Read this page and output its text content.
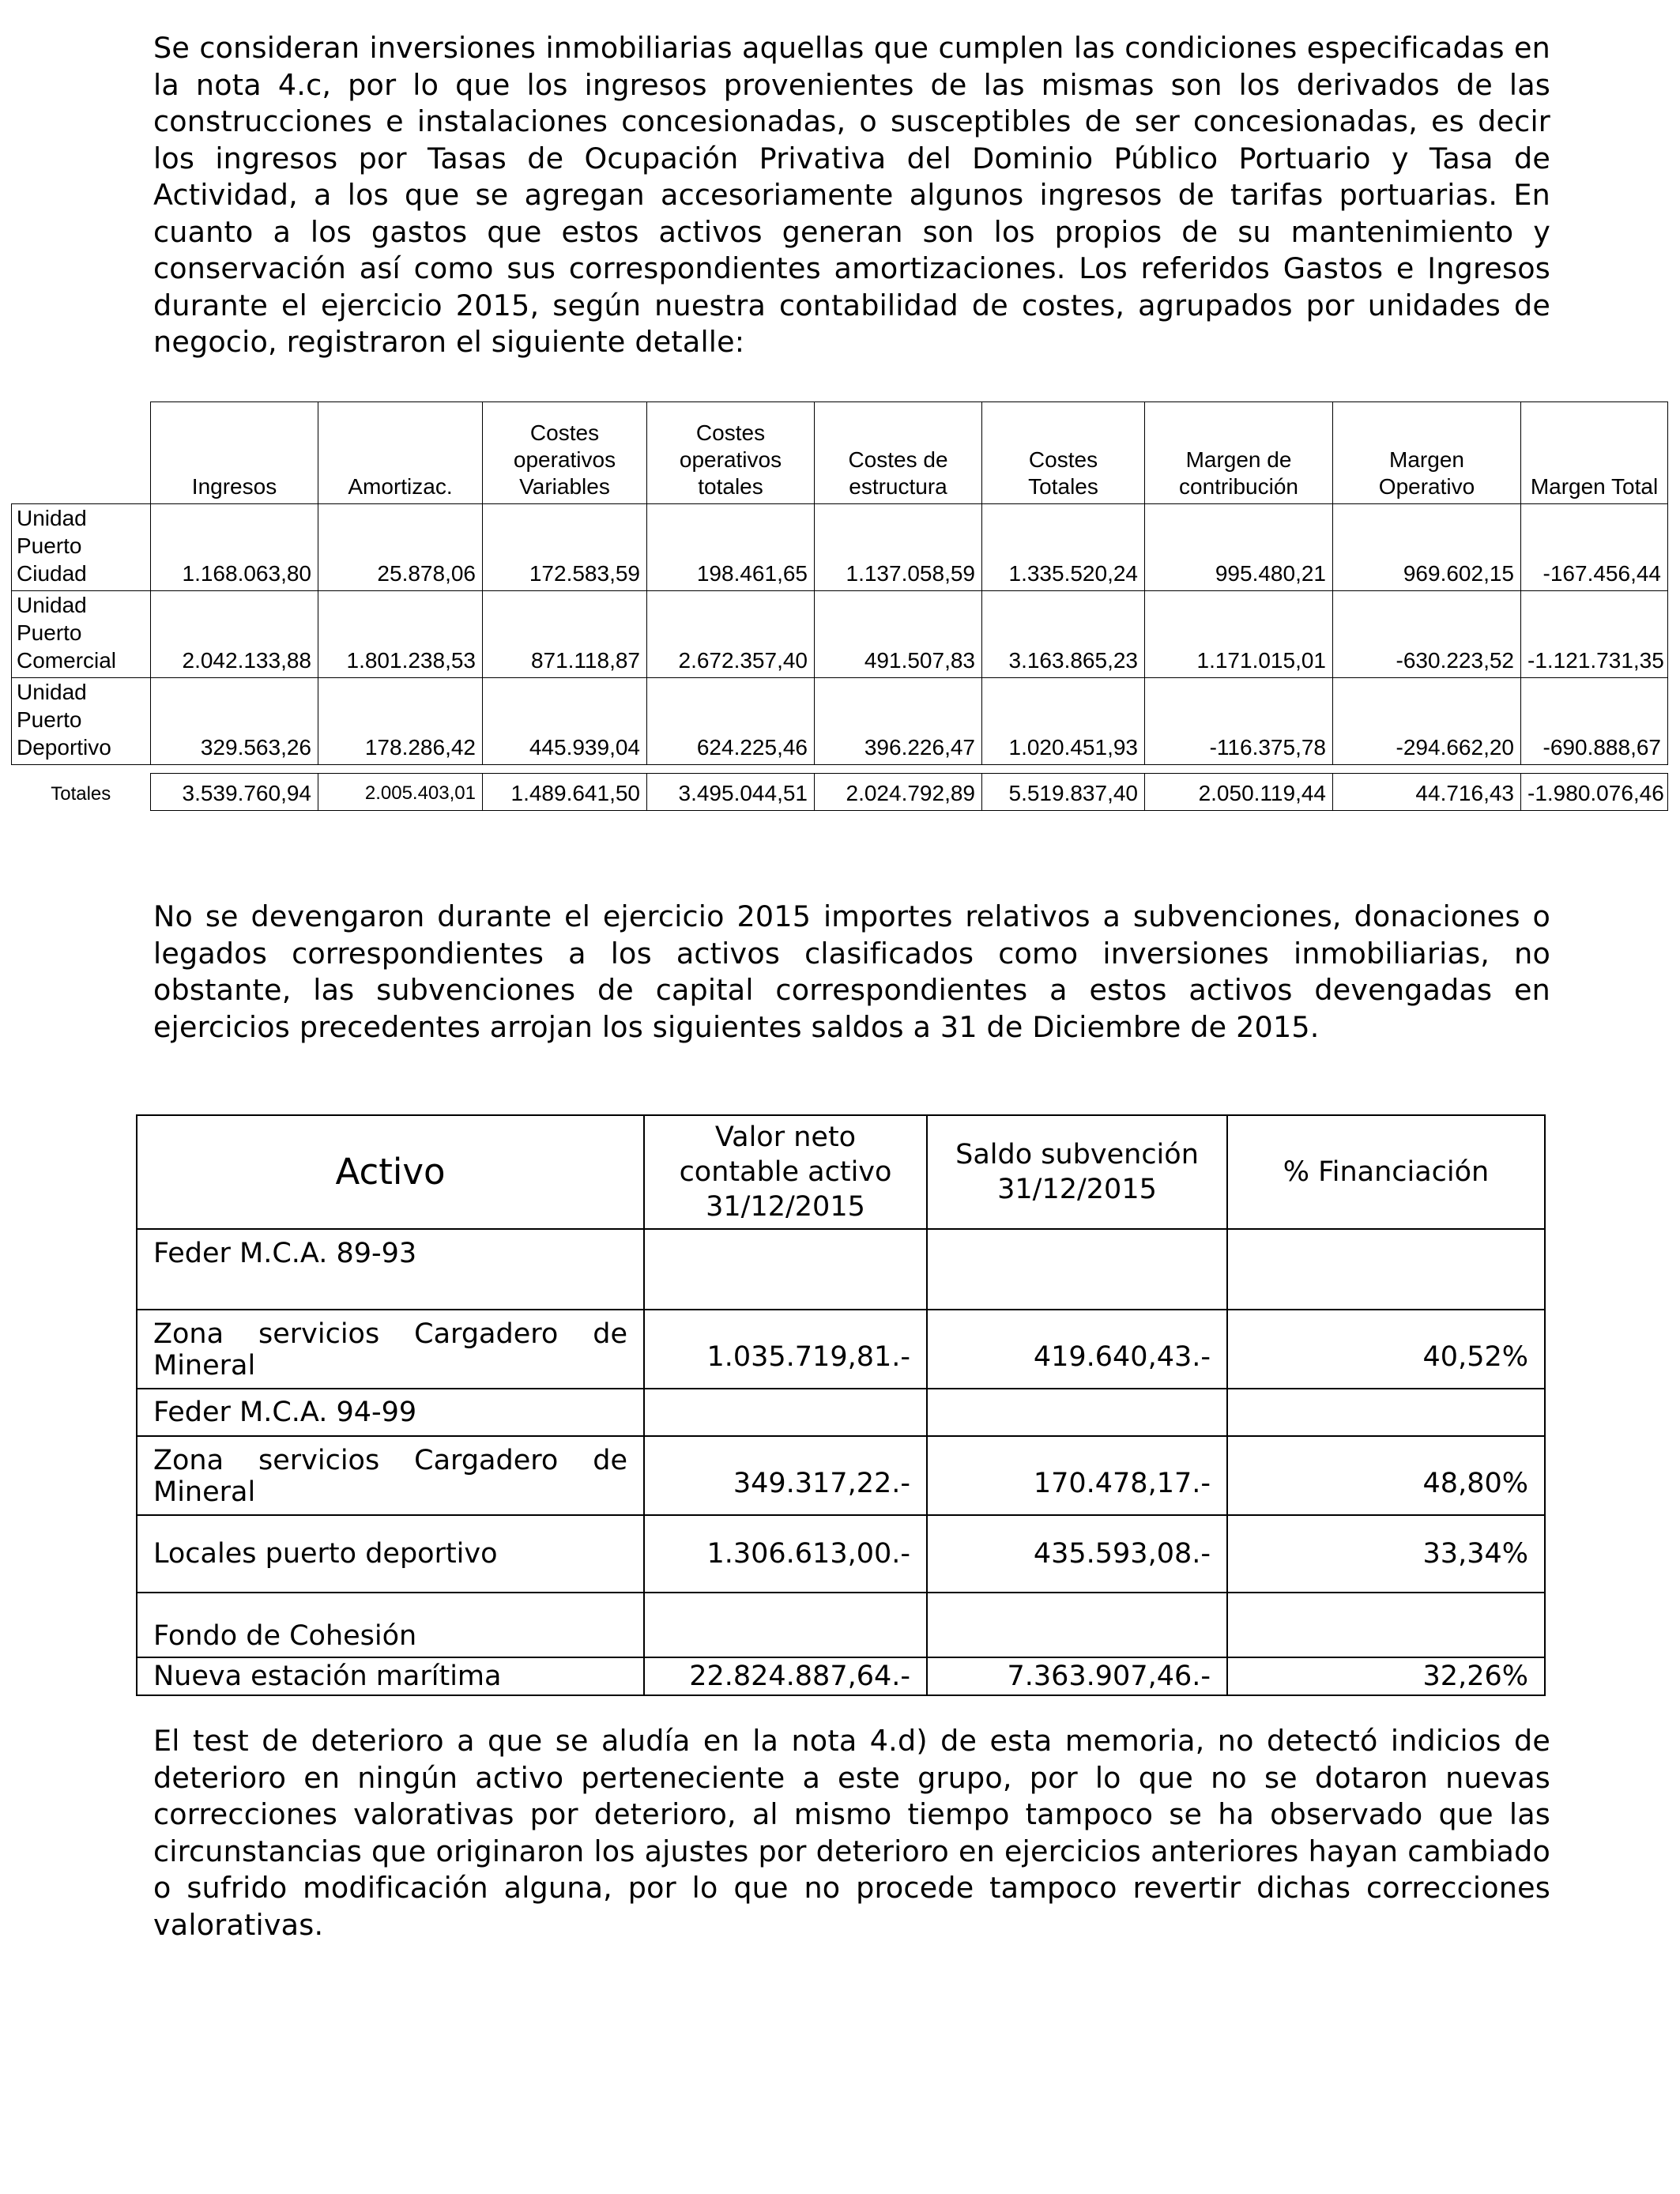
Se consideran inversiones inmobiliarias aquellas que cumplen las condiciones especificadas en la nota 4.c, por lo que los ingresos provenientes de las mismas son los derivados de las construcciones e instalaciones concesionadas, o susceptibles de ser concesionadas, es decir los ingresos por Tasas de Ocupación Privativa del Dominio Público Portuario y Tasa de Actividad, a los que se agregan accesoriamente algunos ingresos de tarifas portuarias. En cuanto a los gastos que estos activos generan son los propios de su mantenimiento y conservación así como sus correspondientes amortizaciones. Los referidos Gastos e Ingresos durante el ejercicio 2015, según nuestra contabilidad de costes, agrupados por unidades de negocio, registraron el siguiente detalle:

	Ingresos	Amortizac.	Costes
operativos
Variables	Costes
operativos
totales	Costes de
estructura	Costes
Totales	Margen de
contribución	Margen
Operativo	Margen Total
Unidad
Puerto
Ciudad	1.168.063,80	25.878,06	172.583,59	198.461,65	1.137.058,59	1.335.520,24	995.480,21	969.602,15	-167.456,44
Unidad
Puerto
Comercial	2.042.133,88	1.801.238,53	871.118,87	2.672.357,40	491.507,83	3.163.865,23	1.171.015,01	-630.223,52	-1.121.731,35
Unidad
Puerto
Deportivo	329.563,26	178.286,42	445.939,04	624.225,46	396.226,47	1.020.451,93	-116.375,78	-294.662,20	-690.888,67

Totales	3.539.760,94	2.005.403,01	1.489.641,50	3.495.044,51	2.024.792,89	5.519.837,40	2.050.119,44	44.716,43	-1.980.076,46

No se devengaron durante el ejercicio 2015 importes relativos a subvenciones, donaciones o legados correspondientes a los activos clasificados como inversiones inmobiliarias, no obstante, las subvenciones de capital correspondientes a estos activos devengadas en ejercicios precedentes arrojan los siguientes saldos a 31 de Diciembre de 2015.

Activo	Valor neto
contable activo
31/12/2015	Saldo subvención
31/12/2015	% Financiación
Feder M.C.A. 89-93			

Zona servicios Cargadero de Mineral	1.035.719,81.-	419.640,43.-	40,52%
Feder M.C.A. 94-99			

Zona servicios Cargadero de Mineral	349.317,22.-	170.478,17.-	48,80%
Locales puerto deportivo	1.306.613,00.-	435.593,08.-	33,34%
Fondo de Cohesión			
Nueva estación marítima	22.824.887,64.-	7.363.907,46.-	32,26%

El test de deterioro a que se aludía en la nota 4.d) de esta memoria, no detectó indicios de deterioro en ningún activo perteneciente a este grupo, por lo que no se dotaron nuevas correcciones valorativas por deterioro, al mismo tiempo tampoco se ha observado que las circunstancias que originaron los ajustes por deterioro en ejercicios anteriores hayan cambiado o sufrido modificación alguna, por lo que no procede tampoco revertir dichas correcciones valorativas.
